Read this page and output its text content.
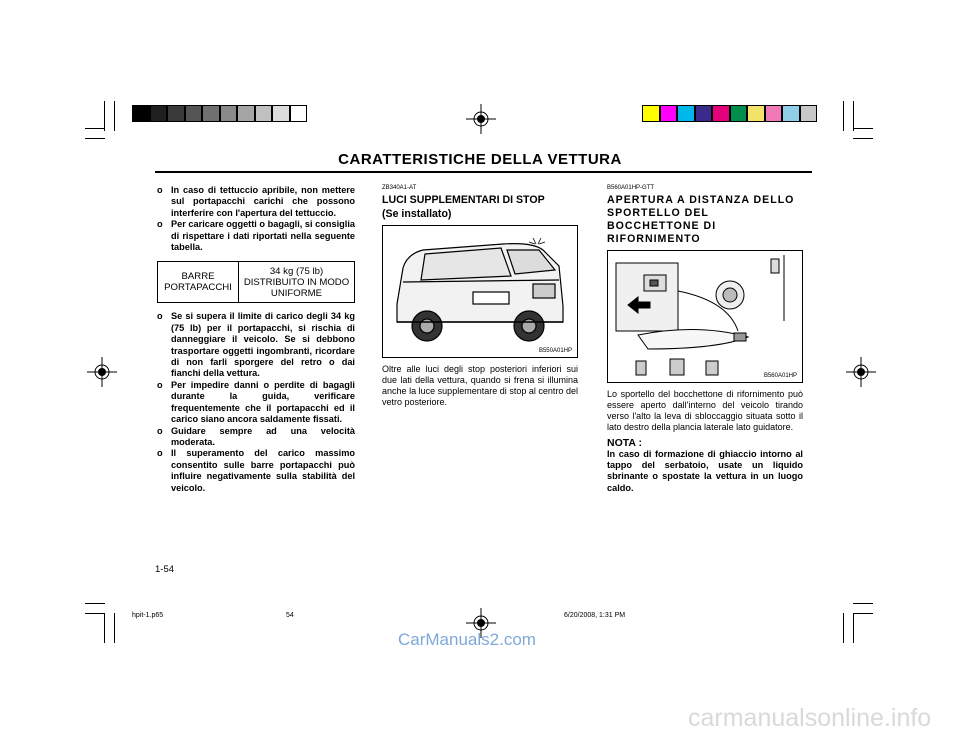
CARATTERISTICHE DELLA VETTURA
o In caso di tettuccio apribile, non mettere sul portapacchi carichi che possono interferire con l'apertura del tettuccio.
o Per caricare oggetti o bagagli, si consiglia di rispettare i dati riportati nella seguente tabella.
BARRE PORTAPACCHI	34 kg (75 lb) DISTRIBUITO IN MODO UNIFORME
o Se si supera il limite di carico degli 34 kg (75 lb) per il portapacchi, si rischia di danneggiare il veicolo. Se si debbono trasportare oggetti ingombranti, ricordare di non farli sporgere del retro o dai fianchi della vettura.
o Per impedire danni o perdite di bagagli durante la guida, verificare frequentemente che il portapacchi ed il carico siano ancora saldamente fissati.
o Guidare sempre ad una velocità moderata.
o Il superamento del carico massimo consentito sulle barre portapacchi può influire negativamente sulla stabilità del veicolo.
ZB340A1-AT
LUCI SUPPLEMENTARI DI STOP
(Se installato)
B550A01HP
Oltre alle luci degli stop posteriori inferiori sui due lati della vettura, quando si frena si illumina anche la luce supplementare di stop al centro del vetro posteriore.
B560A01HP-GTT
APERTURA A DISTANZA DELLO SPORTELLO DEL BOCCHETTONE DI RIFORNIMENTO
B560A01HP
Lo sportello del bocchettone di rifornimento può essere aperto dall'interno del veicolo tirando verso l'alto la leva di sbloccaggio situata sotto il lato destro della plancia laterale lato guidatore.
NOTA :
In caso di formazione di ghiaccio intorno al tappo del serbatoio, usate un liquido sbrinante o spostate la vettura in un luogo caldo.
1-54
hpit-1.p65	54	6/20/2008, 1:31 PM
CarManuals2.com
carmanualsonline.info
